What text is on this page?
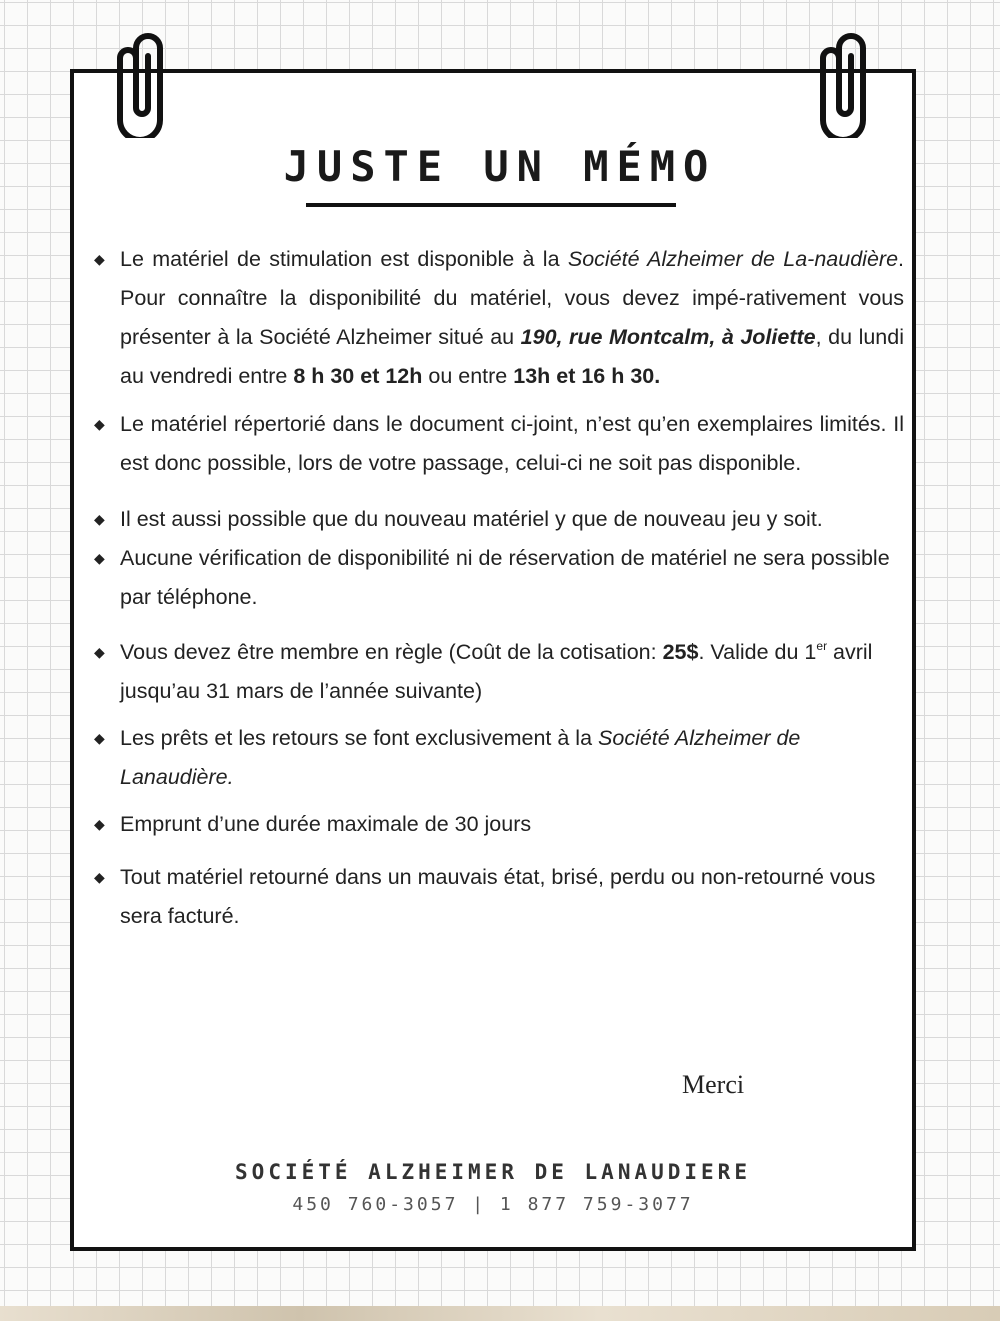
JUSTE UN MÉMO
◆ Le matériel de stimulation est disponible à la Société Alzheimer de La-naudière. Pour connaître la disponibilité du matériel, vous devez impé-rativement vous présenter à la Société Alzheimer situé au 190, rue Montcalm, à Joliette, du lundi au vendredi entre 8 h 30 et 12h ou entre 13h et 16 h 30.
◆ Le matériel répertorié dans le document ci-joint, n’est qu’en exemplaires limités. Il est donc possible, lors de votre passage, celui-ci ne soit pas disponible.
◆ Il est aussi possible que du nouveau matériel y que de nouveau jeu y soit.
◆ Aucune vérification de disponibilité ni de réservation de matériel ne sera possible par téléphone.
◆ Vous devez être membre en règle (Coût de la cotisation: 25$. Valide du 1er avril jusqu’au 31 mars de l’année suivante)
◆ Les prêts et les retours se font exclusivement à la Société Alzheimer de Lanaudière.
◆ Emprunt d’une durée maximale de 30 jours
◆ Tout matériel retourné dans un mauvais état, brisé, perdu ou non-retourné vous sera facturé.
Merci
SOCIÉTÉ ALZHEIMER DE LANAUDIERE
450 760-3057 | 1 877 759-3077
